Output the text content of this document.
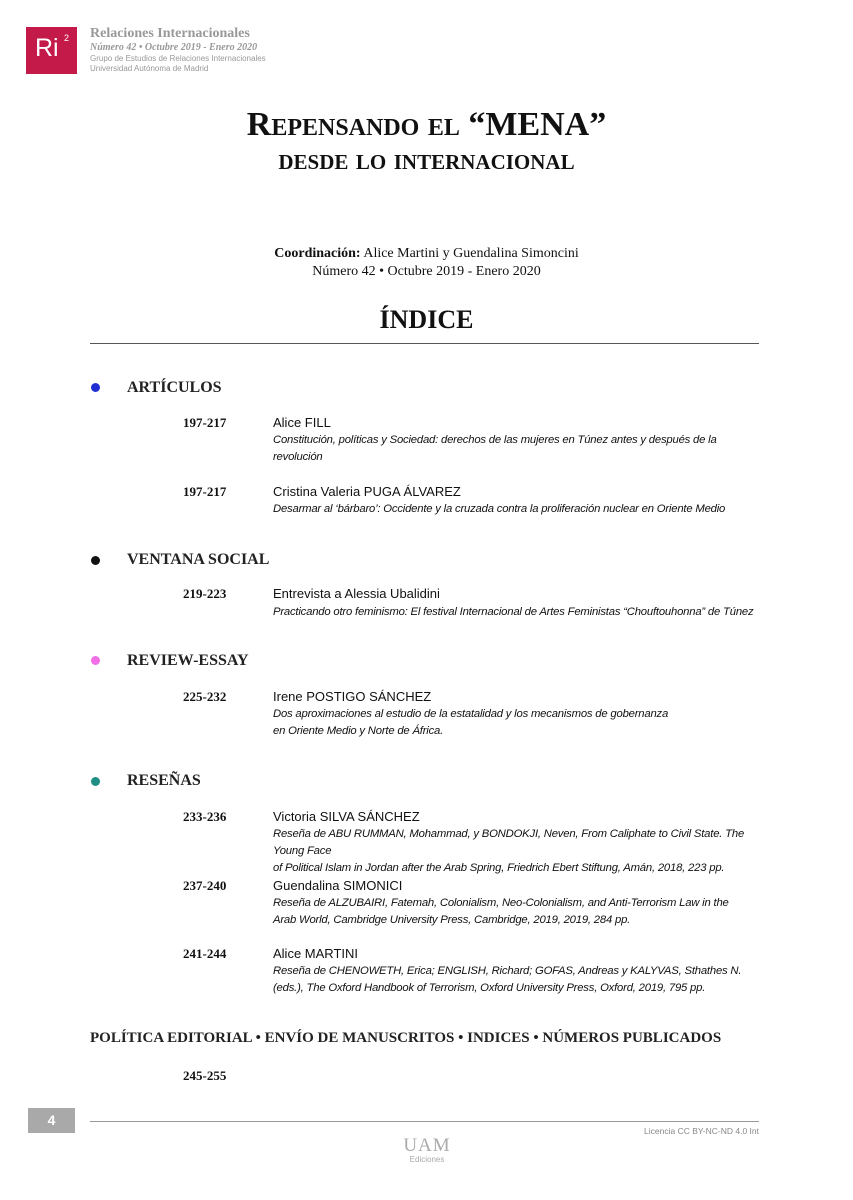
Ri 2 Relaciones Internacionales
Número 42 • Octubre 2019 - Enero 2020
Grupo de Estudios de Relaciones Internacionales
Universidad Autónoma de Madrid
Repensando el “MENA”
desde lo internacional
Coordinación: Alice Martini y Guendalina Simoncini
Número 42 • Octubre 2019 - Enero 2020
ÍNDICE
ARTÍCULOS
197-217	Alice FILL
Constitución, políticas y Sociedad: derechos de las mujeres en Túnez antes y después de la revolución
197-217	Cristina Valeria PUGA ÁLVAREZ
Desarmar al ‘bárbaro’: Occidente y la cruzada contra la proliferación nuclear en Oriente Medio
VENTANA SOCIAL
219-223	Entrevista a Alessia Ubalidini
Practicando otro feminismo: El festival Internacional de Artes Feministas “Chouftouhonna” de Túnez
REVIEW-ESSAY
225-232	Irene POSTIGO SÁNCHEZ
Dos aproximaciones al estudio de la estatalidad y los mecanismos de gobernanza
en Oriente Medio y Norte de África.
RESEÑAS
233-236	Victoria SILVA SÁNCHEZ
Reseña de ABU RUMMAN, Mohammad, y BONDOKJI, Neven, From Caliphate to Civil State. The Young Face
of Political Islam in Jordan after the Arab Spring, Friedrich Ebert Stiftung, Amán, 2018, 223 pp.
237-240	Guendalina SIMONICI
Reseña de ALZUBAIRI, Fatemah, Colonialism, Neo-Colonialism, and Anti-Terrorism Law in the
Arab World, Cambridge University Press, Cambridge, 2019, 2019, 284 pp.
241-244	Alice MARTINI
Reseña de CHENOWETH, Erica; ENGLISH, Richard; GOFAS, Andreas y KALYVAS, Sthathes N.
(eds.), The Oxford Handbook of Terrorism, Oxford University Press, Oxford, 2019, 795 pp.
POLÍTICA EDITORIAL • ENVÍO DE MANUSCRITOS • INDICES • NÚMEROS PUBLICADOS
245-255
4
Licencia CC BY-NC-ND 4.0 Int
UAM
Ediciones
